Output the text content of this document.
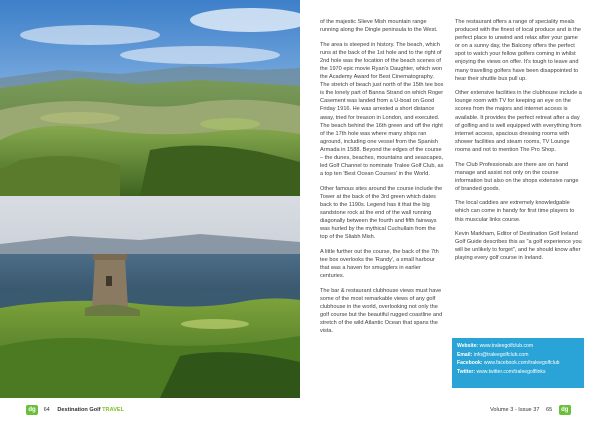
of the majestic Slieve Mish mountain range running along the Dingle peninsula to the West.

The area is steeped in history. The beach, which runs at the back of the 1st hole and to the right of 2nd hole was the location of the beach scenes of the 1970 epic movie Ryan's Daughter, which won the Academy Award for Best Cinematography. The stretch of beach just north of the 15th tee box is the lonely part of Banna Strand on which Roger Casement was landed from a U-boat on Good Friday 1916. He was arrested a short distance away, tried for treason in London, and executed. The beach behind the 16th green and off the right of the 17th hole was where many ships ran aground, including one vessel from the Spanish Armada in 1588. Beyond the edges of the course – the dunes, beaches, mountains and seascapes, led Golf Channel to nominate Tralee Golf Club, as a top ten 'Best Ocean Courses' in the World.

Other famous sites around the course include the Tower at the back of the 3rd green which dates back to the 1190s. Legend has it that the big sandstone rock at the end of the wall running diagonally between the fourth and fifth fairways was hurled by the mythical Cuchullain from the top of the Sliabh Mish.

A little further out the course, the back of the 7th tee box overlooks the 'Randy', a small harbour that was a haven for smugglers in earlier centuries.

The bar & restaurant clubhouse views must have some of the most remarkable views of any golf clubhouse in the world, overlooking not only the golf course but the beautiful rugged coastline and stretch of the wild Atlantic Ocean that spans the vista.

The restaurant offers a range of speciality meals produced with the finest of local produce and is the perfect place to unwind and relax after your game or on a sunny day, the Balcony offers the perfect spot to watch your fellow golfers coming in whilst enjoying the views on offer. It's tough to leave and many travelling golfers have been disappointed to hear their shuttle bus pull up.

Other extensive facilities in the clubhouse include a lounge room with TV for keeping an eye on the scores from the majors and internet access is available. It provides the perfect retreat after a day of golfing and is well equipped with everything from internet access, spacious dressing rooms with shower facilities and steam rooms, TV Lounge rooms and not to mention The Pro Shop.

The Club Professionals are there are on hand manage and assist not only on the course information but also on the shops extensive range of branded goods.

The local caddies are extremely knowledgable which can come in handy for first time players to this muscular links course.

Kevin Markham, Editor of Destination Golf Ireland Golf Guide describes this as "a golf experience you will be unlikely to forget", and he should know after playing every golf course in Ireland.

Website: www.traleegolfclub.com
Email: info@traleegolfclub.com
Facebook: www.facebook.com/traleegolfclub
Twitter: www.twitter.com/traleegolflinks
dg 64 Destination Golf TRAVEL	Volume 3 - Issue 37 65 dg
